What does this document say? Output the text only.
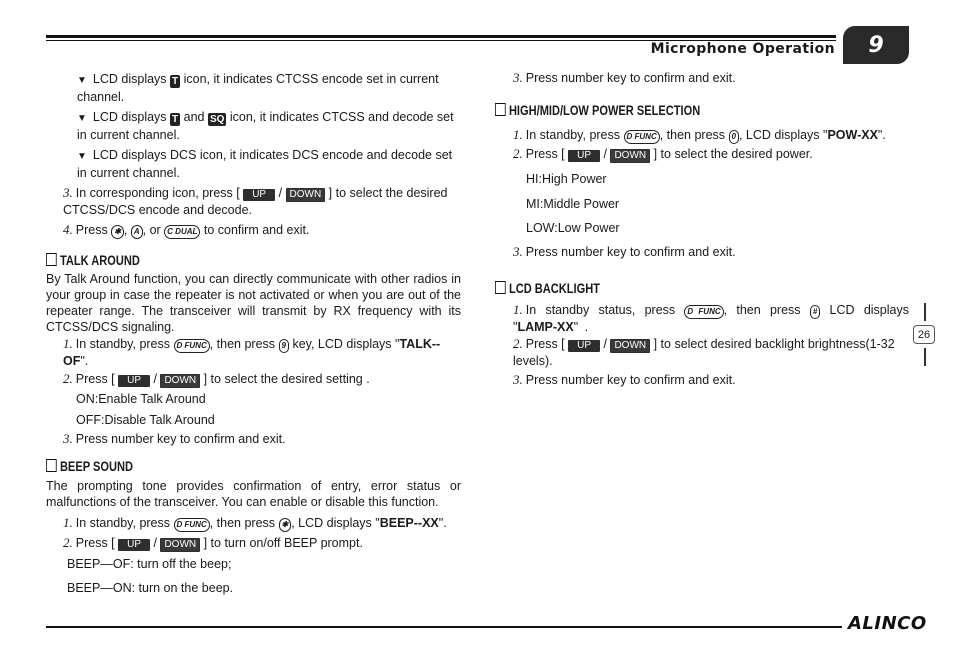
Microphone Operation	9
26
▼ LCD displays T icon, it indicates CTCSS encode set in current channel.
▼ LCD displays T and SQ icon, it indicates CTCSS and decode set in current channel.
▼ LCD displays DCS icon, it indicates DCS encode and decode set in current channel.
3. In corresponding icon, press [ UP / DOWN ] to select the desired CTCSS/DCS encode and decode.
4. Press ✱ , A , or C DUAL to confirm and exit.
TALK AROUND
By Talk Around function, you can directly communicate with other radios in your group in case the repeater is not activated or when you are out of the repeater range. The transceiver will transmit by RX frequency with its CTCSS/DCS signaling.
1. In standby, press D FUNC , then press 9 key, LCD displays "TALK--OF".
2. Press [ UP / DOWN ] to select the desired setting .
ON:Enable Talk Around
OFF:Disable Talk Around
3. Press number key to confirm and exit.
BEEP SOUND
The prompting tone provides confirmation of entry, error status or malfunctions of the transceiver. You can enable or disable this function.
1. In standby, press D FUNC , then press ✱ , LCD displays "BEEP--XX".
2. Press [ UP / DOWN ] to turn on/off BEEP prompt.
BEEP—OF: turn off the beep;
BEEP—ON: turn on the beep.
3. Press number key to confirm and exit.
HIGH/MID/LOW POWER SELECTION
1. In standby, press D FUNC , then press 0 , LCD displays "POW-XX".
2. Press [ UP / DOWN ] to select the desired power.
HI:High Power
MI:Middle Power
LOW:Low Power
3. Press number key to confirm and exit.
LCD BACKLIGHT
1. In standby status, press D FUNC , then press # LCD displays "LAMP-XX" .
2. Press [ UP / DOWN ] to select desired backlight brightness(1-32 levels).
3. Press number key to confirm and exit.
ALINCO
